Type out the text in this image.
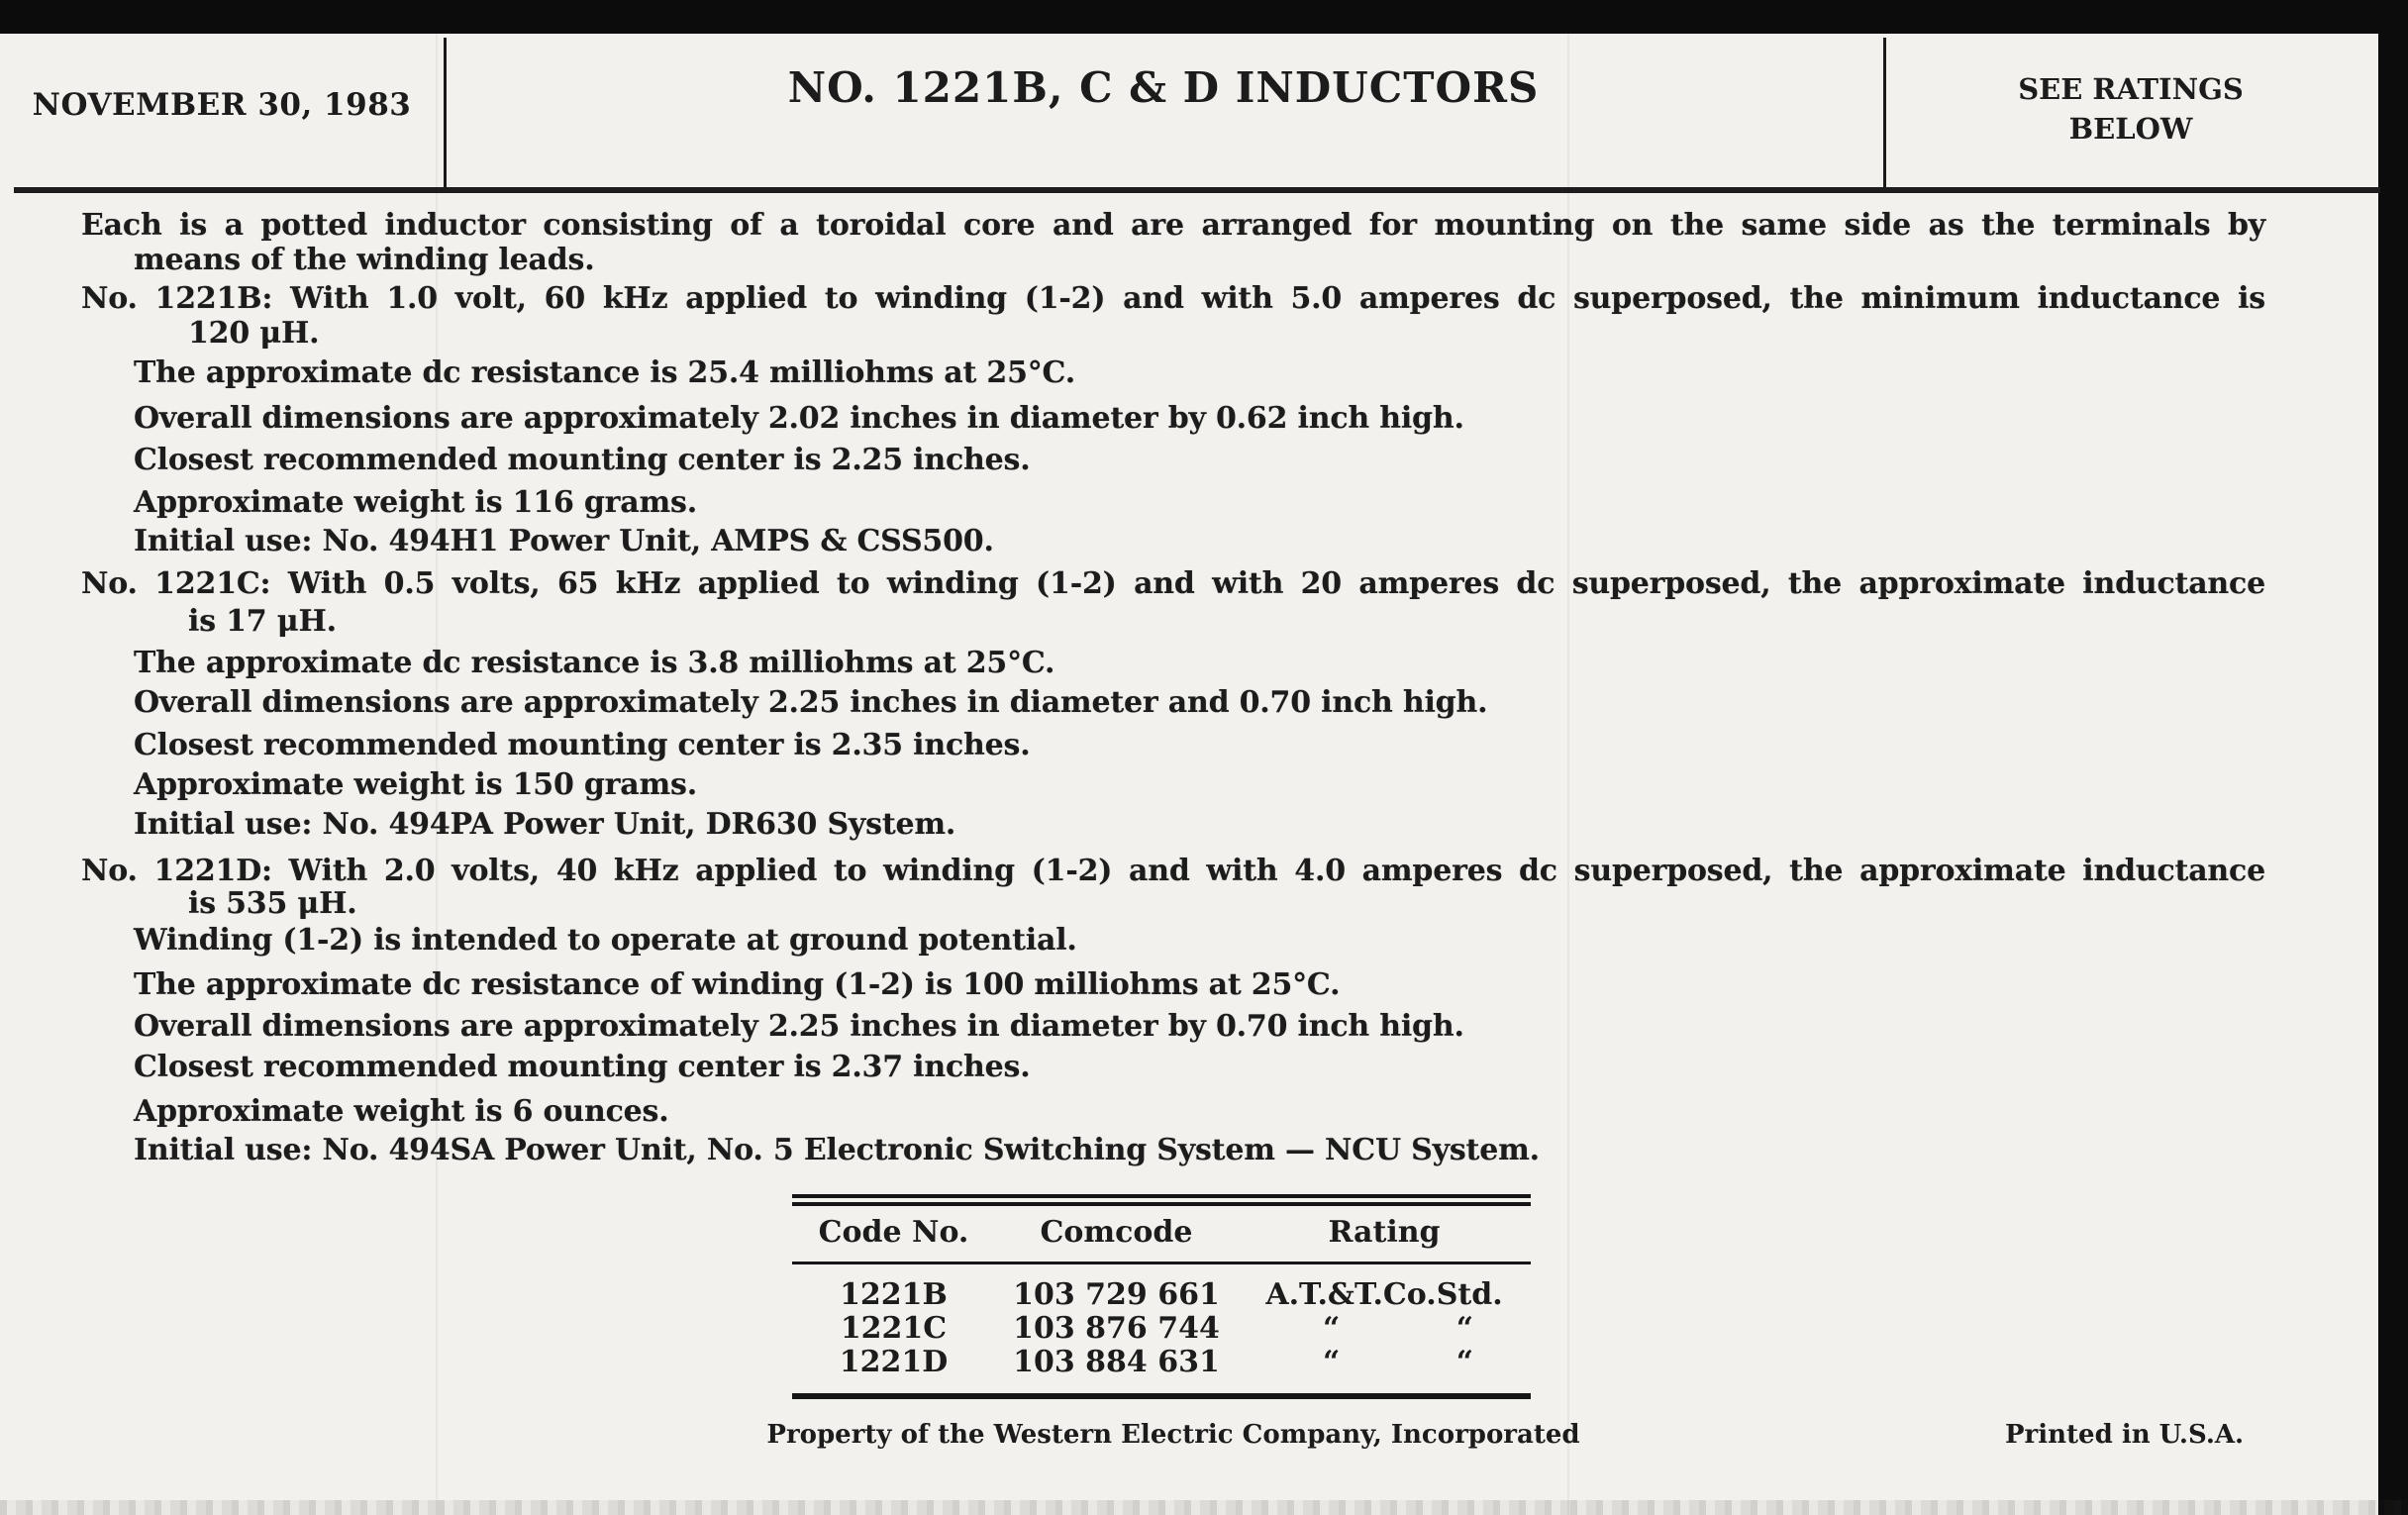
NOVEMBER 30, 1983	NO. 1221B, C & D INDUCTORS	SEE RATINGS
BELOW
Each is a potted inductor consisting of a toroidal core and are arranged for mounting on the same side as the terminals by
means of the winding leads.
No. 1221B: With 1.0 volt, 60 kHz applied to winding (1-2) and with 5.0 amperes dc superposed, the minimum inductance is
120 μH.
The approximate dc resistance is 25.4 milliohms at 25°C.
Overall dimensions are approximately 2.02 inches in diameter by 0.62 inch high.
Closest recommended mounting center is 2.25 inches.
Approximate weight is 116 grams.
Initial use: No. 494H1 Power Unit, AMPS & CSS500.
No. 1221C: With 0.5 volts, 65 kHz applied to winding (1-2) and with 20 amperes dc superposed, the approximate inductance
is 17 μH.
The approximate dc resistance is 3.8 milliohms at 25°C.
Overall dimensions are approximately 2.25 inches in diameter and 0.70 inch high.
Closest recommended mounting center is 2.35 inches.
Approximate weight is 150 grams.
Initial use: No. 494PA Power Unit, DR630 System.
No. 1221D: With 2.0 volts, 40 kHz applied to winding (1-2) and with 4.0 amperes dc superposed, the approximate inductance
is 535 μH.
Winding (1-2) is intended to operate at ground potential.
The approximate dc resistance of winding (1-2) is 100 milliohms at 25°C.
Overall dimensions are approximately 2.25 inches in diameter by 0.70 inch high.
Closest recommended mounting center is 2.37 inches.
Approximate weight is 6 ounces.
Initial use: No. 494SA Power Unit, No. 5 Electronic Switching System — NCU System.
Code No.	Comcode	Rating
1221B	103 729 661	A.T.&T.Co.Std.
1221C	103 876 744	“	“
1221D	103 884 631	“	“
Property of the Western Electric Company, Incorporated	Printed in U.S.A.
